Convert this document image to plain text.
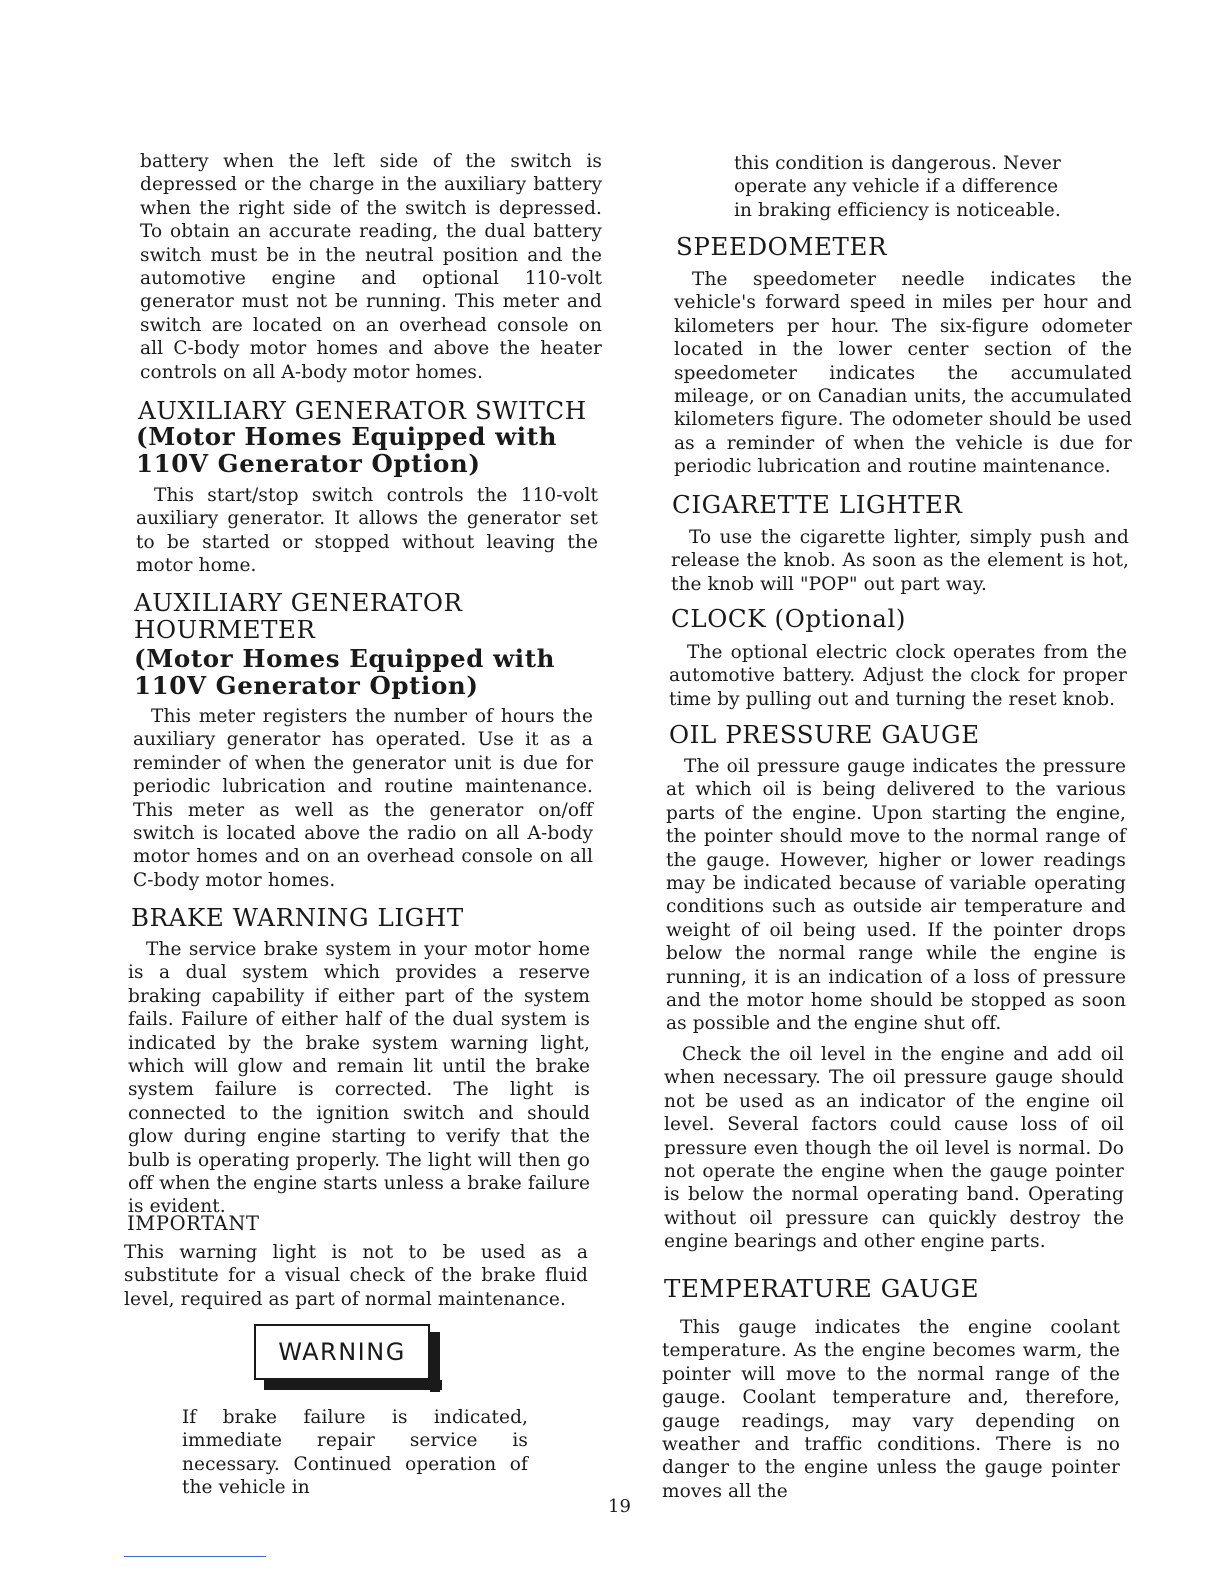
battery when the left side of the switch is depressed or the charge in the auxiliary battery when the right side of the switch is depressed. To obtain an accurate reading, the dual battery switch must be in the neutral position and the automotive engine and optional 110-volt generator must not be running. This meter and switch are located on an overhead console on all C-body motor homes and above the heater controls on all A-body motor homes.

AUXILIARY GENERATOR SWITCH
(Motor Homes Equipped with 110V Generator Option)

This start/stop switch controls the 110-volt auxiliary generator. It allows the generator set to be started or stopped without leaving the motor home.

AUXILIARY GENERATOR HOURMETER
(Motor Homes Equipped with 110V Generator Option)

This meter registers the number of hours the auxiliary generator has operated. Use it as a reminder of when the generator unit is due for periodic lubrication and routine maintenance. This meter as well as the generator on/off switch is located above the radio on all A-body motor homes and on an overhead console on all C-body motor homes.

BRAKE WARNING LIGHT

The service brake system in your motor home is a dual system which provides a reserve braking capability if either part of the system fails. Failure of either half of the dual system is indicated by the brake system warning light, which will glow and remain lit until the brake system failure is corrected. The light is connected to the ignition switch and should glow during engine starting to verify that the bulb is operating properly. The light will then go off when the engine starts unless a brake failure is evident.

IMPORTANT

This warning light is not to be used as a substitute for a visual check of the brake fluid level, required as part of normal maintenance.

WARNING

If brake failure is indicated, immediate repair service is necessary. Continued operation of the vehicle in

this condition is dangerous. Never operate any vehicle if a difference in braking efficiency is noticeable.

SPEEDOMETER

The speedometer needle indicates the vehicle's forward speed in miles per hour and kilometers per hour. The six-figure odometer located in the lower center section of the speedometer indicates the accumulated mileage, or on Canadian units, the accumulated kilometers figure. The odometer should be used as a reminder of when the vehicle is due for periodic lubrication and routine maintenance.

CIGARETTE LIGHTER

To use the cigarette lighter, simply push and release the knob. As soon as the element is hot, the knob will "POP" out part way.

CLOCK (Optional)

The optional electric clock operates from the automotive battery. Adjust the clock for proper time by pulling out and turning the reset knob.

OIL PRESSURE GAUGE

The oil pressure gauge indicates the pressure at which oil is being delivered to the various parts of the engine. Upon starting the engine, the pointer should move to the normal range of the gauge. However, higher or lower readings may be indicated because of variable operating conditions such as outside air temperature and weight of oil being used. If the pointer drops below the normal range while the engine is running, it is an indication of a loss of pressure and the motor home should be stopped as soon as possible and the engine shut off.

Check the oil level in the engine and add oil when necessary. The oil pressure gauge should not be used as an indicator of the engine oil level. Several factors could cause loss of oil pressure even though the oil level is normal. Do not operate the engine when the gauge pointer is below the normal operating band. Operating without oil pressure can quickly destroy the engine bearings and other engine parts.

TEMPERATURE GAUGE

This gauge indicates the engine coolant temperature. As the engine becomes warm, the pointer will move to the normal range of the gauge. Coolant temperature and, therefore, gauge readings, may vary depending on weather and traffic conditions. There is no danger to the engine unless the gauge pointer moves all the

19
